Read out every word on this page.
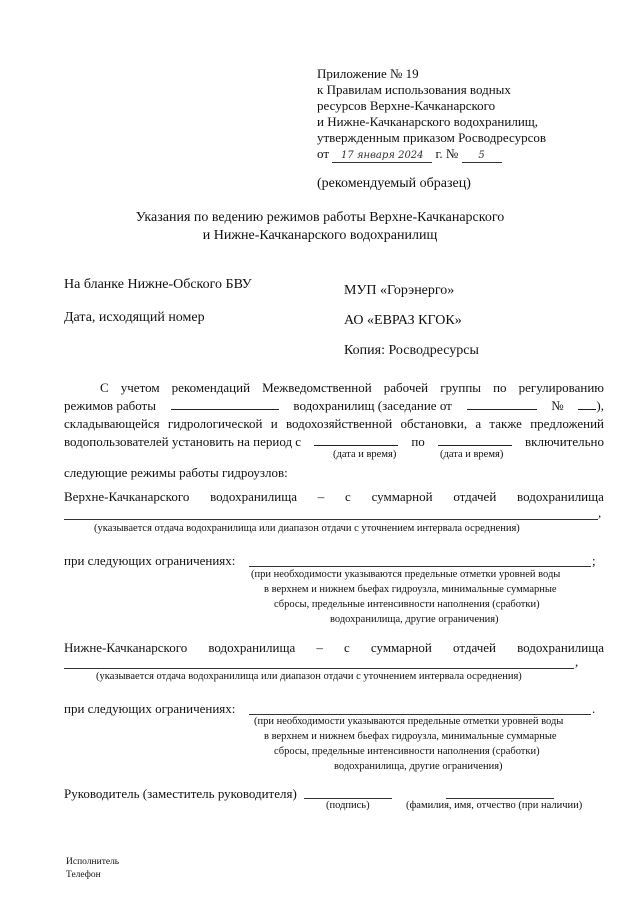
Приложение № 19
к Правилам использования водных
ресурсов Верхне-Качканарского
и Нижне-Качканарского водохранилищ,
утвержденным приказом Росводресурсов
от 17 января 2024 г. № 5
(рекомендуемый образец)
Указания по ведению режимов работы Верхне-Качканарского
и Нижне-Качканарского водохранилищ
На бланке Нижне-Обского БВУ
Дата, исходящий номер
МУП «Горэнерго»
АО «ЕВРАЗ КГОК»
Копия: Росводресурсы
С учетом рекомендаций Межведомственной рабочей группы по регулированию
режимов работы	водохранилищ (заседание от	№	),
складывающейся гидрологической и водохозяйственной обстановки, а также предложений
водопользователей установить на период с	по	включительно
(дата и время)	(дата и время)
следующие режимы работы гидроузлов:
Верхне-Качканарского водохранилища – с суммарной отдачей водохранилища
,
(указывается отдача водохранилища или диапазон отдачи с уточнением интервала осреднения)
при следующих ограничениях:	;
(при необходимости указываются предельные отметки уровней воды
в верхнем и нижнем бьефах гидроузла, минимальные суммарные
сбросы, предельные интенсивности наполнения (сработки)
водохранилища, другие ограничения)
Нижне-Качканарского водохранилища – с суммарной отдачей водохранилища
,
(указывается отдача водохранилища или диапазон отдачи с уточнением интервала осреднения)
при следующих ограничениях:	.
(при необходимости указываются предельные отметки уровней воды
в верхнем и нижнем бьефах гидроузла, минимальные суммарные
сбросы, предельные интенсивности наполнения (сработки)
водохранилища, другие ограничения)
Руководитель (заместитель руководителя)
(подпись)	(фамилия, имя, отчество (при наличии)
Исполнитель
Телефон
